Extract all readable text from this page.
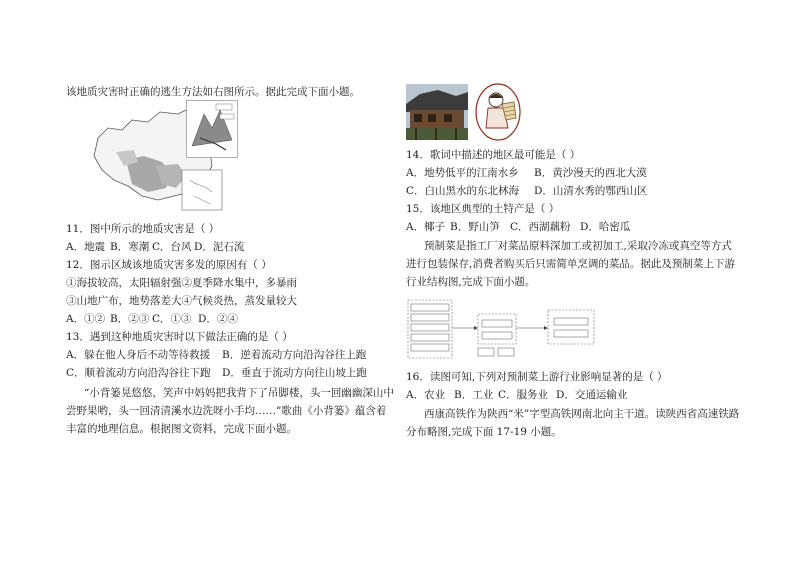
该地质灾害时正确的逃生方法如右图所示。据此完成下面小题。
11．图中所示的地质灾害是（ ）
A．地震 B．寒潮 C．台风 D．泥石流
12．图示区域该地质灾害多发的原因有（ ）
①海拔较高，太阳辐射强②夏季降水集中，多暴雨
③山地广布，地势落差大④气候炎热，蒸发量较大
A．①② B．②③ C．①③ D．②④
13．遇到这种地质灾害时以下做法正确的是（ ）
A．躲在他人身后不动等待救援 B．逆着流动方向沿沟谷往上跑
C．顺着流动方向沿沟谷往下跑 D．垂直于流动方向往山坡上跑
“小背篓晃悠悠，笑声中妈妈把我背下了吊脚楼，头一回幽幽深山中
尝野果哟，头一回清清溪水边洗呀小手均……”歌曲《小背篓》蕴含着
丰富的地理信息。根据图文资料，完成下面小题。
14．歌词中描述的地区最可能是（ ）
A．地势低平的江南水乡 B．黄沙漫天的西北大漠
C．白山黑水的东北林海 D．山清水秀的鄂西山区
15．该地区典型的土特产是（ ）
A．椰子 B．野山笋 C．西湖藕粉 D．哈密瓜
预制菜是指工厂对菜品原料深加工或初加工,采取冷冻或真空等方式
进行包装保存,消费者购买后只需简单烹调的菜品。据此及预制菜上下游
行业结构图,完成下面小题。
16．读图可知,下列对预制菜上游行业影响显著的是（ ）
A．农业 B．工业 C．服务业 D．交通运输业
西康高铁作为陕西“米”字型高铁网南北向主干道。读陕西省高速铁路
分布略图,完成下面 17-19 小题。
